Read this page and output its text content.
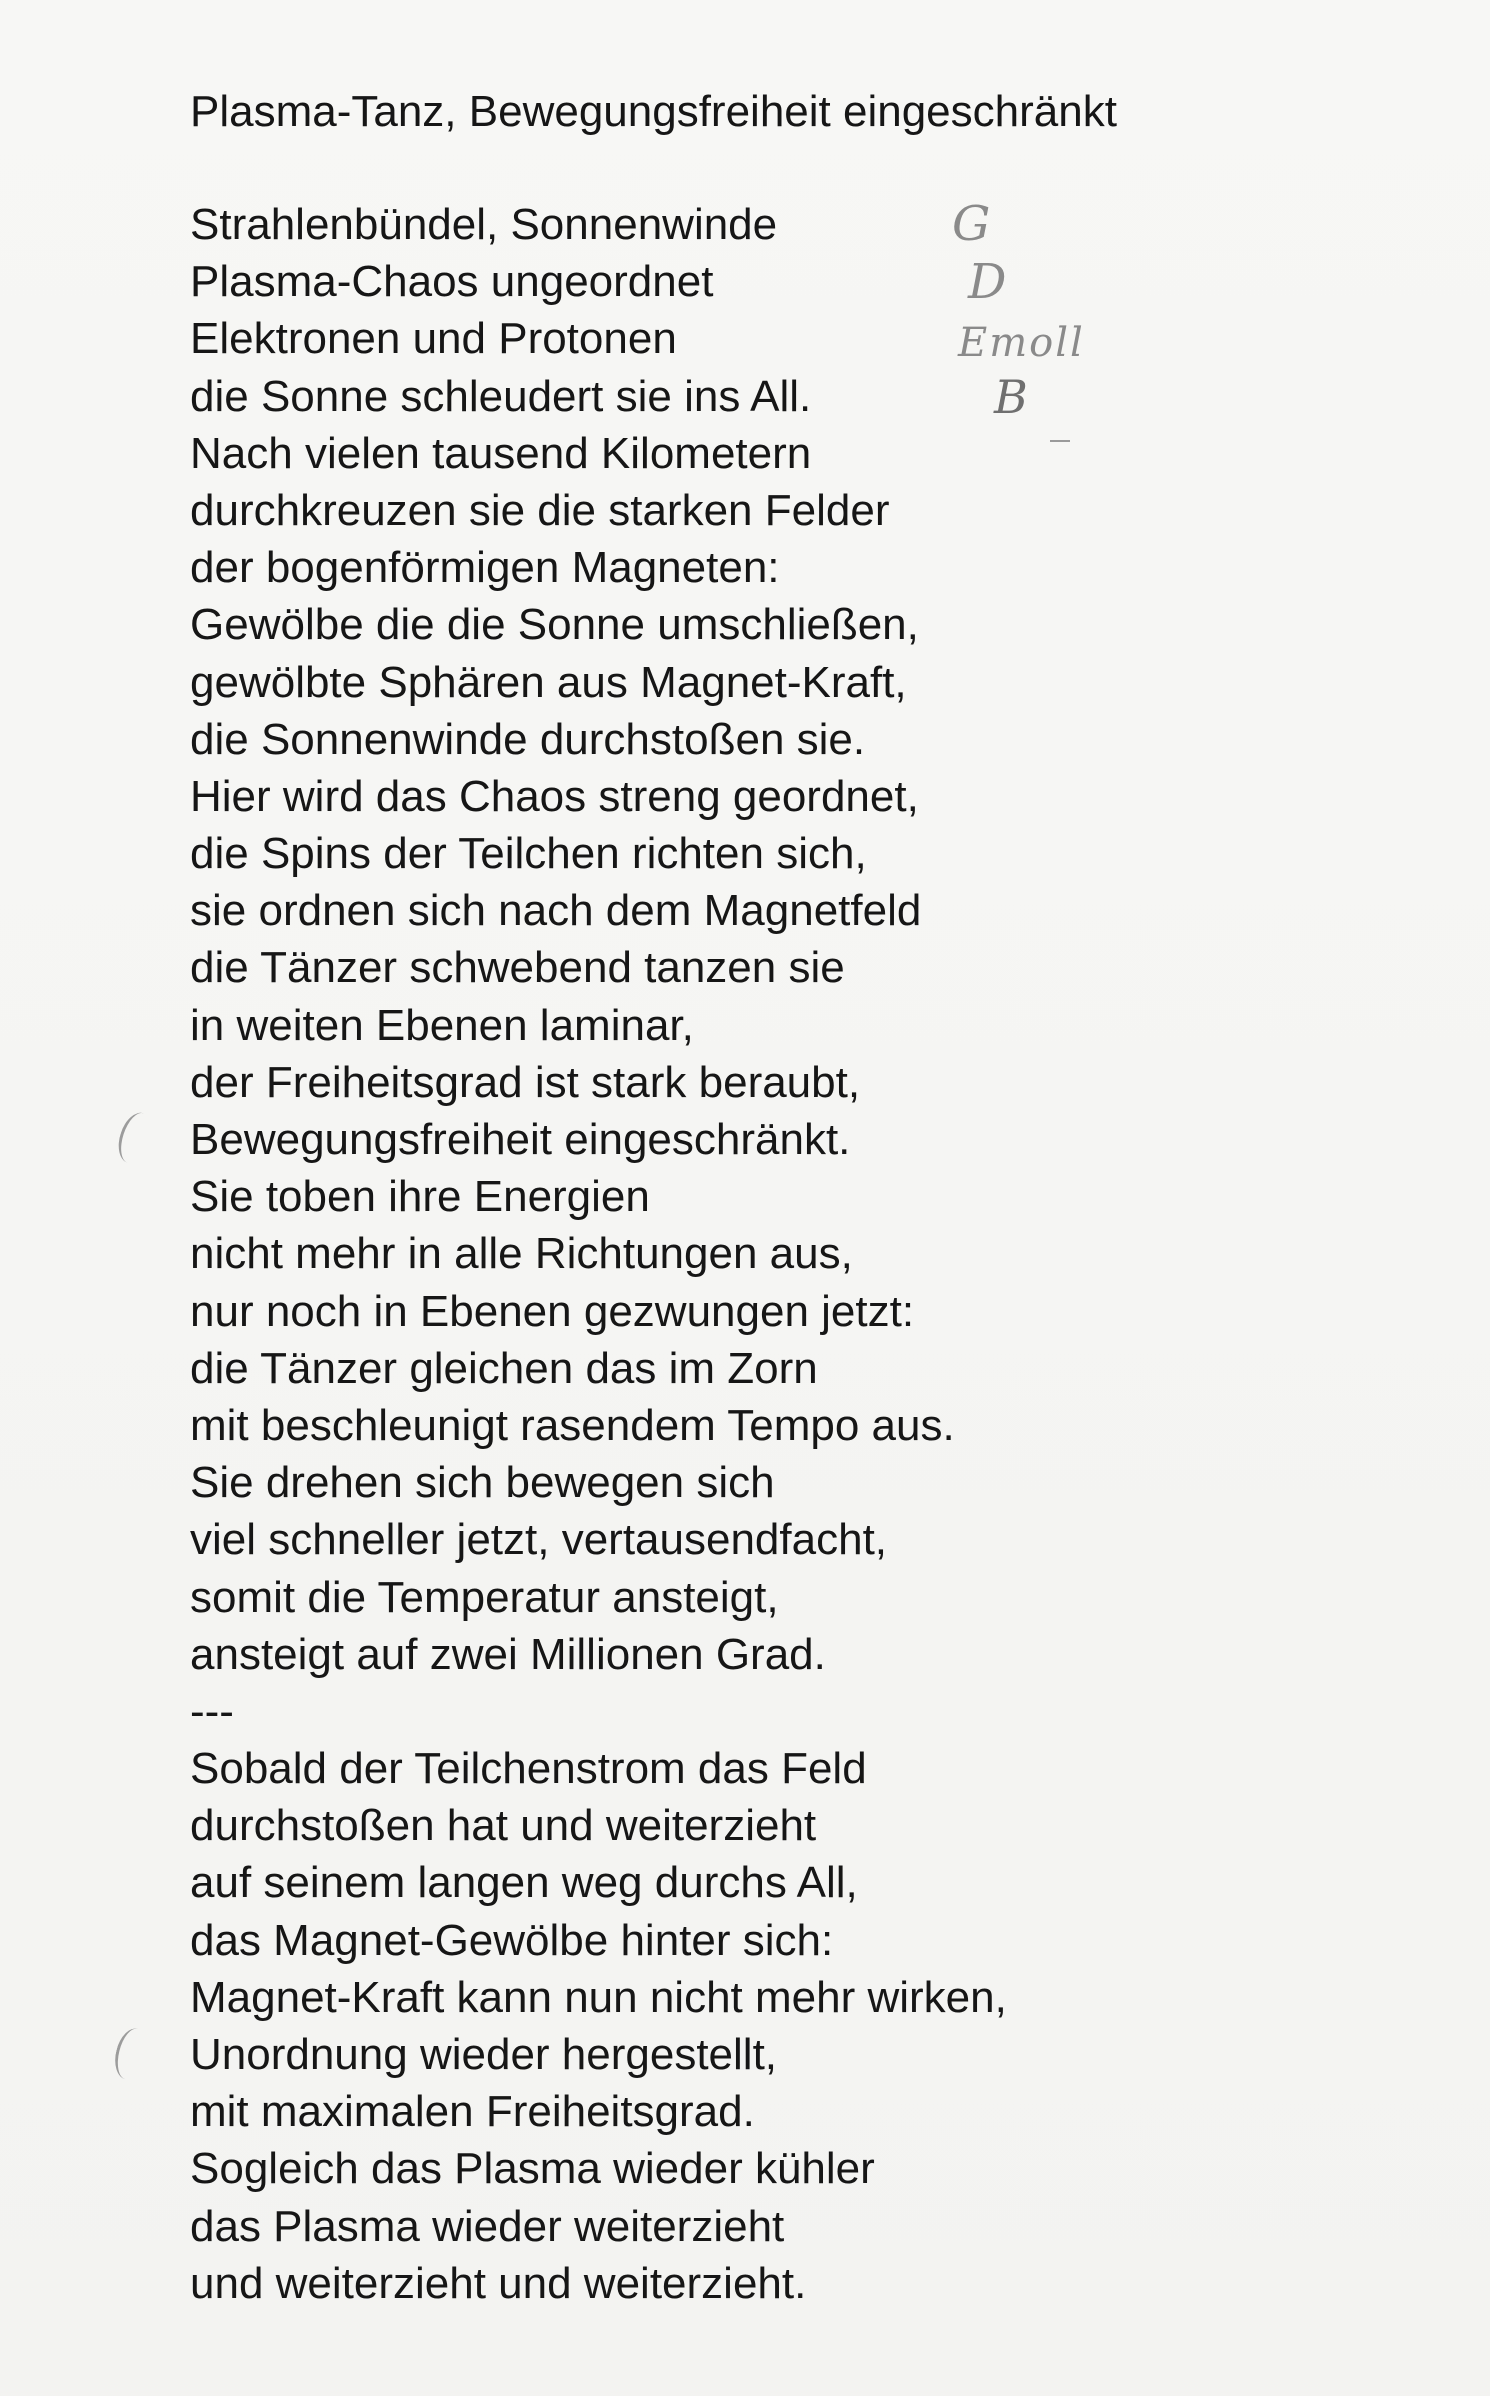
Plasma-Tanz, Bewegungsfreiheit eingeschränkt
Strahlenbündel, Sonnenwinde
Plasma-Chaos ungeordnet
Elektronen und Protonen
die Sonne schleudert sie ins All.
Nach vielen tausend Kilometern
durchkreuzen sie die starken Felder
der bogenförmigen Magneten:
Gewölbe die die Sonne umschließen,
gewölbte Sphären aus Magnet-Kraft,
die Sonnenwinde durchstoßen sie.
Hier wird das Chaos streng geordnet,
die Spins der Teilchen richten sich,
sie ordnen sich nach dem Magnetfeld
die Tänzer schwebend tanzen sie
in weiten Ebenen laminar,
der Freiheitsgrad ist stark beraubt,
Bewegungsfreiheit eingeschränkt.
Sie toben ihre Energien
nicht mehr in alle Richtungen aus,
nur noch in Ebenen gezwungen jetzt:
die Tänzer gleichen das im Zorn
mit beschleunigt rasendem Tempo aus.
Sie drehen sich bewegen sich
viel schneller jetzt, vertausendfacht,
somit die Temperatur ansteigt,
ansteigt auf zwei Millionen Grad.
---
Sobald der Teilchenstrom das Feld
durchstoßen hat und weiterzieht
auf seinem langen weg durchs All,
das Magnet-Gewölbe hinter sich:
Magnet-Kraft kann nun nicht mehr wirken,
Unordnung wieder hergestellt,
mit maximalen Freiheitsgrad.
Sogleich das Plasma wieder kühler
das Plasma wieder weiterzieht
und weiterzieht und weiterzieht.
G
D
Emoll
B
